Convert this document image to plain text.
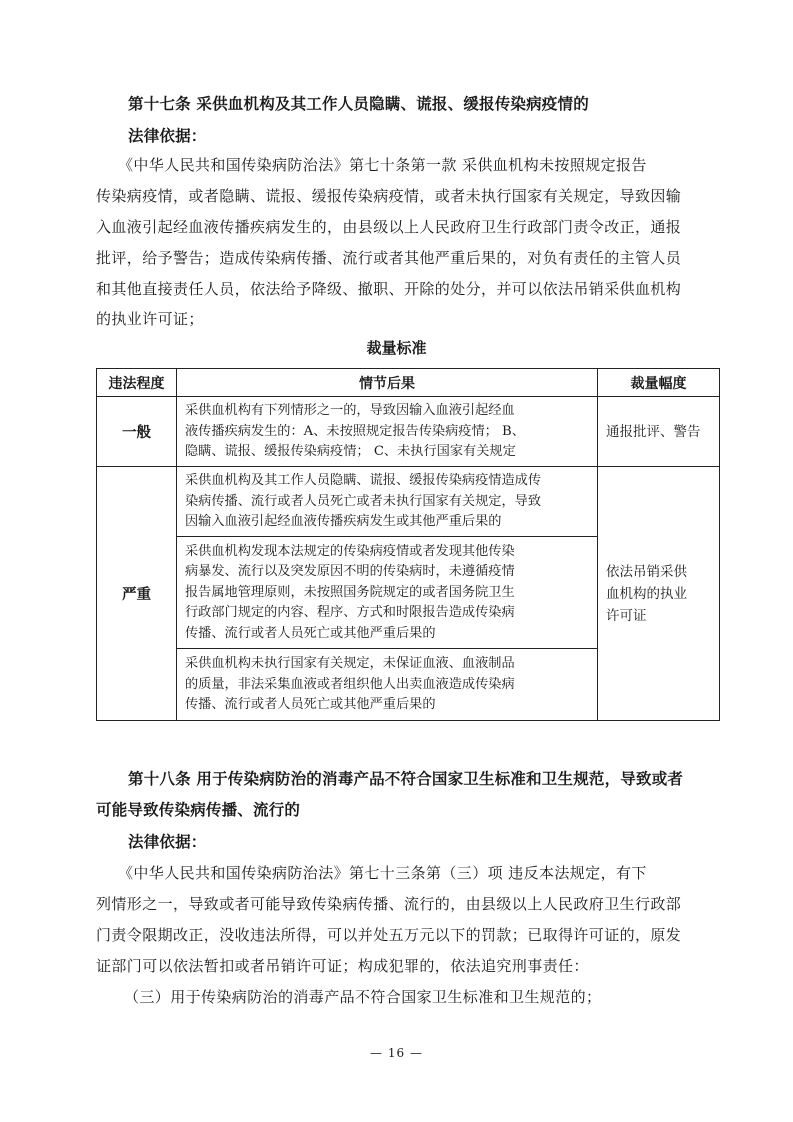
第十七条 采供血机构及其工作人员隐瞒、谎报、缓报传染病疫情的
法律依据：
《中华人民共和国传染病防治法》第七十条第一款 采供血机构未按照规定报告
传染病疫情，或者隐瞒、谎报、缓报传染病疫情，或者未执行国家有关规定，导致因输
入血液引起经血液传播疾病发生的，由县级以上人民政府卫生行政部门责令改正，通报
批评，给予警告；造成传染病传播、流行或者其他严重后果的，对负有责任的主管人员
和其他直接责任人员，依法给予降级、撤职、开除的处分，并可以依法吊销采供血机构
的执业许可证；
裁量标准
违法程度	情节后果	裁量幅度
一般	采供血机构有下列情形之一的，导致因输入血液引起经血
液传播疾病发生的：A、未按照规定报告传染病疫情； B、
隐瞒、谎报、缓报传染病疫情； C、未执行国家有关规定	通报批评、警告

严重	采供血机构及其工作人员隐瞒、谎报、缓报传染病疫情造成传
染病传播、流行或者人员死亡或者未执行国家有关规定，导致
因输入血液引起经血液传播疾病发生或其他严重后果的	依法吊销采供
血机构的执业
许可证

	采供血机构发现本法规定的传染病疫情或者发现其他传染
病暴发、流行以及突发原因不明的传染病时，未遵循疫情
报告属地管理原则，未按照国务院规定的或者国务院卫生
行政部门规定的内容、程序、方式和时限报告造成传染病
传播、流行或者人员死亡或其他严重后果的	

	采供血机构未执行国家有关规定，未保证血液、血液制品
的质量，非法采集血液或者组织他人出卖血液造成传染病
传播、流行或者人员死亡或其他严重后果的	
第十八条 用于传染病防治的消毒产品不符合国家卫生标准和卫生规范，导致或者
可能导致传染病传播、流行的
法律依据：
《中华人民共和国传染病防治法》第七十三条第（三）项 违反本法规定，有下
列情形之一，导致或者可能导致传染病传播、流行的，由县级以上人民政府卫生行政部
门责令限期改正，没收违法所得，可以并处五万元以下的罚款；已取得许可证的，原发
证部门可以依法暂扣或者吊销许可证；构成犯罪的，依法追究刑事责任：
（三）用于传染病防治的消毒产品不符合国家卫生标准和卫生规范的；
— 16 —
